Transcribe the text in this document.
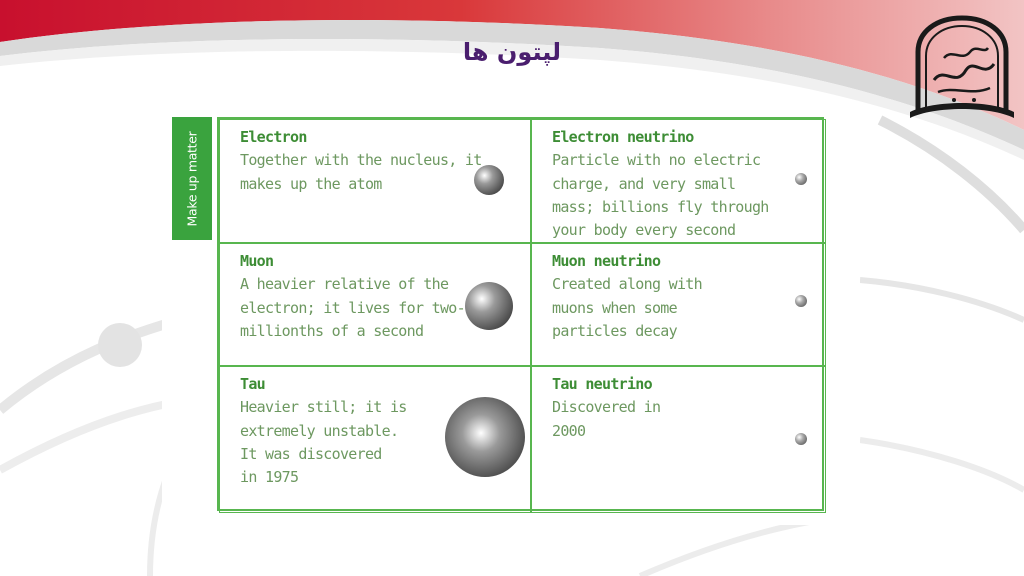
لپتون ها
Make up matter	Electron
Together with the nucleus, it
makes up the atom
Electron neutrino
Particle with no electric
charge, and very small
mass; billions fly through
your body every second
Muon
A heavier relative of the
electron; it lives for two-
millionths of a second
Muon neutrino
Created along with
muons when some
particles decay
Tau
Heavier still; it is
extremely unstable.
It was discovered
in 1975
Tau neutrino
Discovered in
2000
